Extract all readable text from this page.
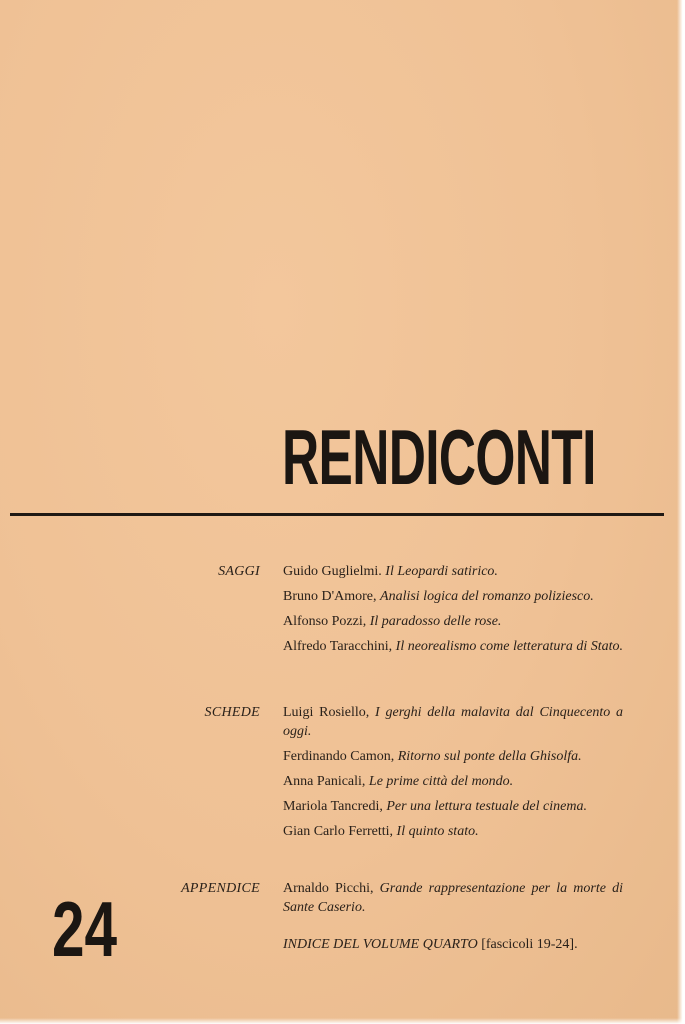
RENDICONTI
SAGGI Guido Guglielmi. Il Leopardi satirico.

Bruno D'Amore, Analisi logica del romanzo poliziesco.

Alfonso Pozzi, Il paradosso delle rose.

Alfredo Taracchini, Il neorealismo come letteratura di Stato.

SCHEDE Luigi Rosiello, I gerghi della malavita dal Cinquecento a oggi.

Ferdinando Camon, Ritorno sul ponte della Ghisolfa.

Anna Panicali, Le prime città del mondo.

Mariola Tancredi, Per una lettura testuale del cinema.

Gian Carlo Ferretti, Il quinto stato.

APPENDICE Arnaldo Picchi, Grande rappresentazione per la morte di Sante Caserio.

INDICE DEL VOLUME QUARTO [fascicoli 19-24].
24
